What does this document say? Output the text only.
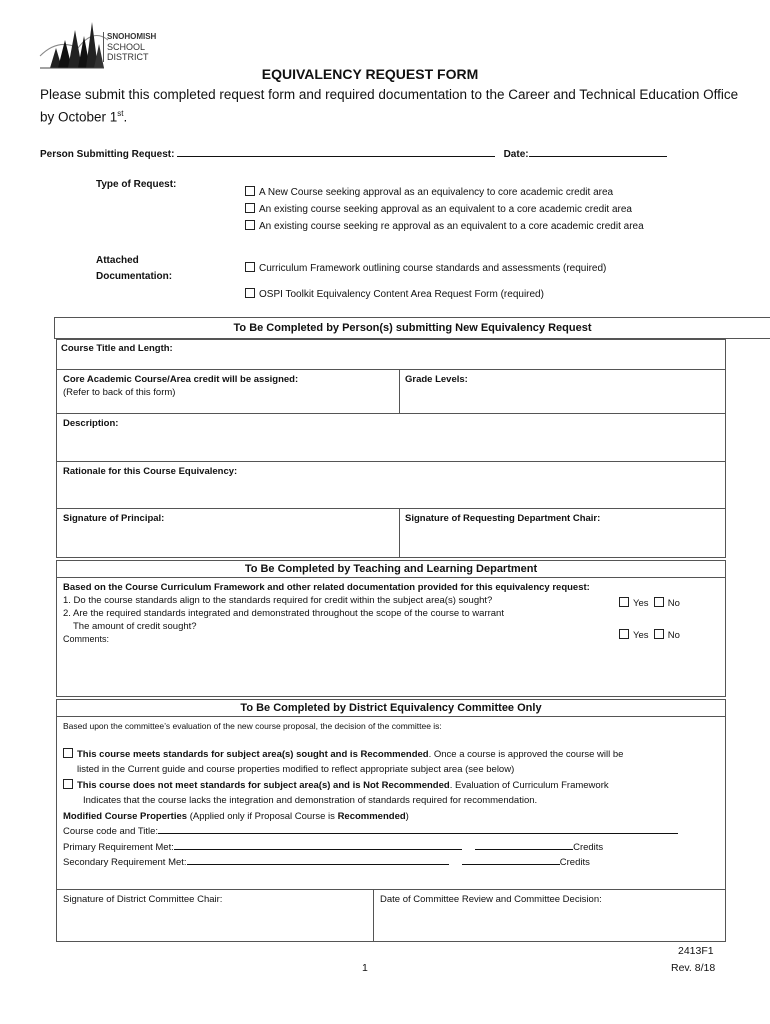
SNOHOMISH
SCHOOL
DISTRICT
EQUIVALENCY REQUEST FORM
Please submit this completed request form and required documentation to the Career and Technical Education Office by October 1st.
Person Submitting Request:	Date:
Type of Request:
A New Course seeking approval as an equivalency to core academic credit area
An existing course seeking approval as an equivalent to a core academic credit area
An existing course seeking re approval as an equivalent to a core academic credit area
Attached
Documentation:
Curriculum Framework outlining course standards and assessments (required)
OSPI Toolkit Equivalency Content Area Request Form (required)
To Be Completed by Person(s) submitting New Equivalency Request
Course Title and Length:
Core Academic Course/Area credit will be assigned:
(Refer to back of this form)
Grade Levels:
Description:
Rationale for this Course Equivalency:
Signature of Principal:	Signature of Requesting Department Chair:
To Be Completed by Teaching and Learning Department
Based on the Course Curriculum Framework and other related documentation provided for this equivalency request:
1. Do the course standards align to the standards required for credit within the subject area(s) sought?
2. Are the required standards integrated and demonstrated throughout the scope of the course to warrant
The amount of credit sought?
Comments:
Yes No
Yes No
To Be Completed by District Equivalency Committee Only
Based upon the committee’s evaluation of the new course proposal, the decision of the committee is:
This course meets standards for subject area(s) sought and is Recommended. Once a course is approved the course will be
listed in the Current guide and course properties modified to reflect appropriate subject area (see below)
This course does not meet standards for subject area(s) and is Not Recommended. Evaluation of Curriculum Framework
Indicates that the course lacks the integration and demonstration of standards required for recommendation.
Modified Course Properties (Applied only if Proposal Course is Recommended)
Course code and Title:
Primary Requirement Met:	Credits
Secondary Requirement Met:	Credits
Signature of District Committee Chair:	Date of Committee Review and Committee Decision:
1
2413F1
Rev. 8/18
